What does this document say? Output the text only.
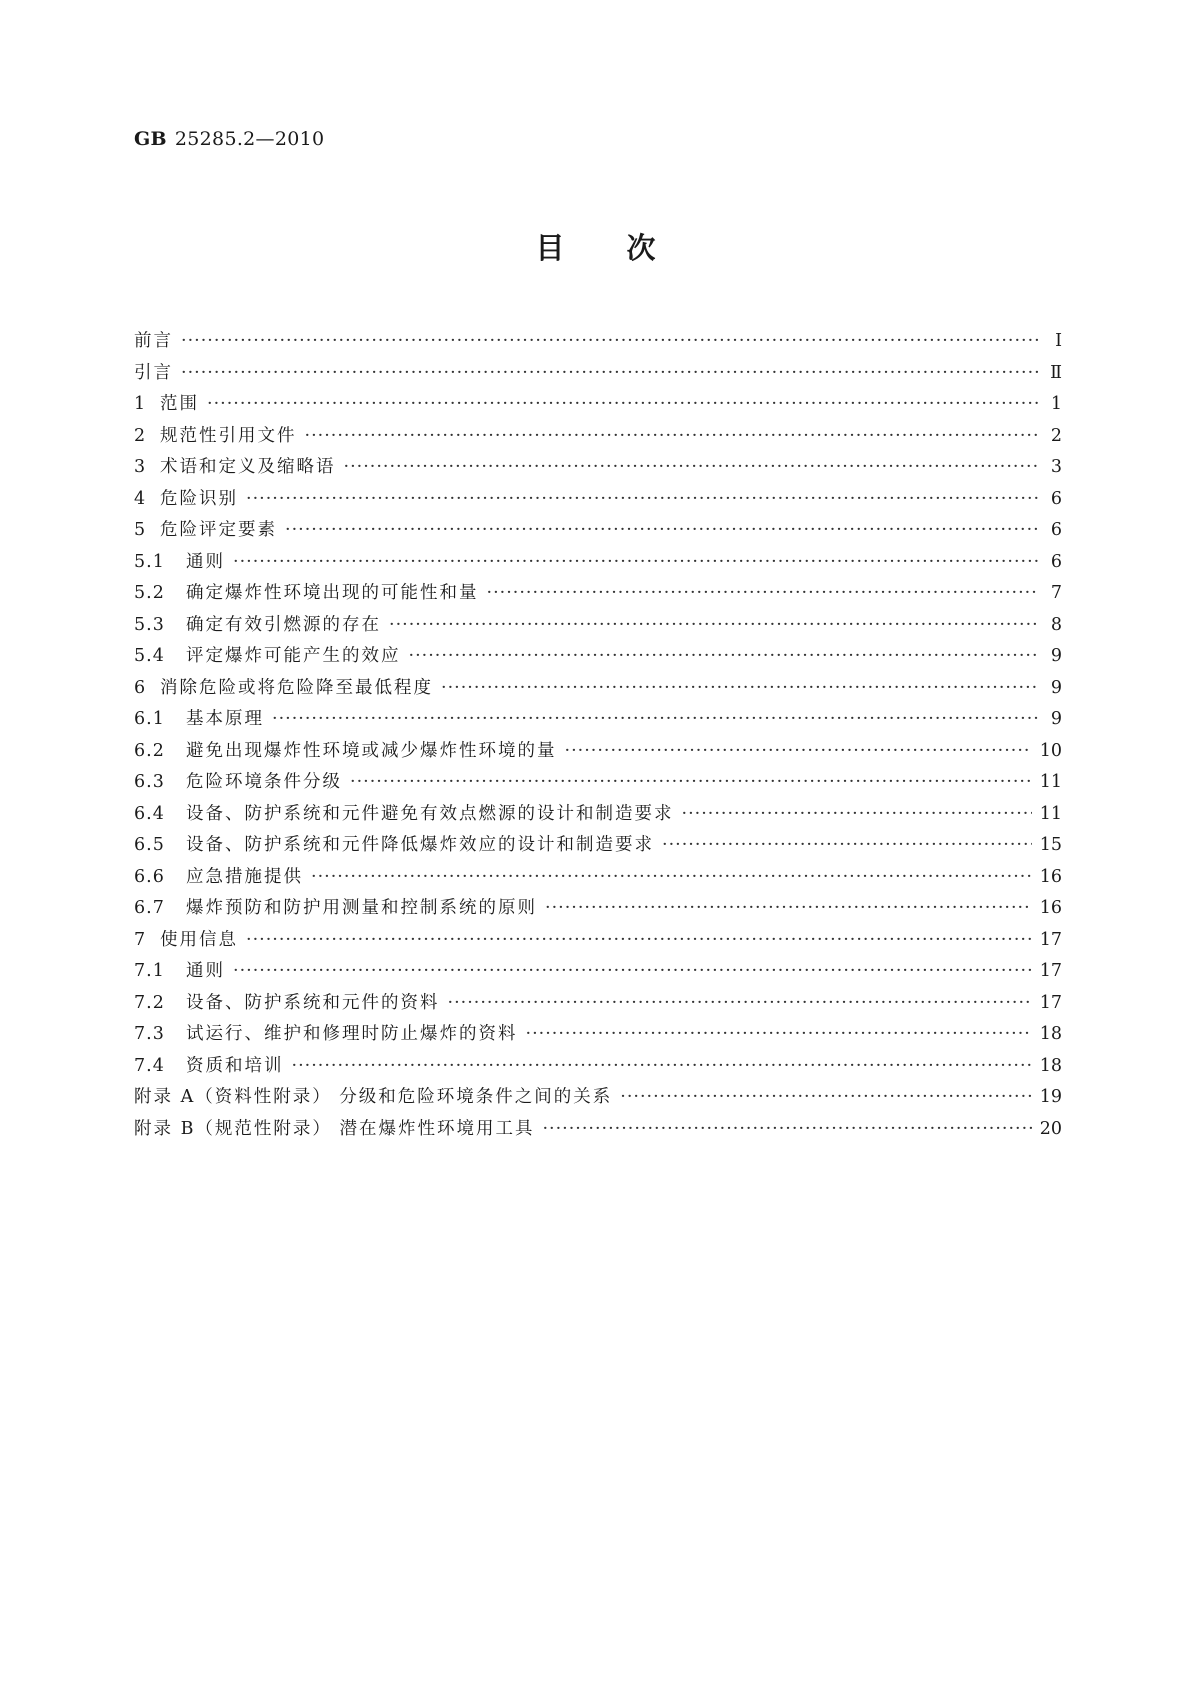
GB 25285.2—2010
目 次
前言 ·····	Ⅰ
引言 ·····	Ⅱ
1 范围 ·····	1
2 规范性引用文件 ·····	2
3 术语和定义及缩略语 ·····	3
4 危险识别 ·····	6
5 危险评定要素 ·····	6
5.1	通则 ·····	6
5.2	确定爆炸性环境出现的可能性和量 ·····	7
5.3	确定有效引燃源的存在 ·····	8
5.4	评定爆炸可能产生的效应 ·····	9
6 消除危险或将危险降至最低程度 ·····	9
6.1	基本原理 ·····	9
6.2	避免出现爆炸性环境或减少爆炸性环境的量 ·····	10
6.3	危险环境条件分级 ·····	11
6.4	设备、防护系统和元件避免有效点燃源的设计和制造要求 ·····	11
6.5	设备、防护系统和元件降低爆炸效应的设计和制造要求 ·····	15
6.6	应急措施提供 ·····	16
6.7	爆炸预防和防护用测量和控制系统的原则 ·····	16
7 使用信息 ·····	17
7.1	通则 ·····	17
7.2	设备、防护系统和元件的资料 ·····	17
7.3	试运行、维护和修理时防止爆炸的资料 ·····	18
7.4	资质和培训 ·····	18
附录 A（资料性附录） 分级和危险环境条件之间的关系 ·····	19
附录 B（规范性附录） 潜在爆炸性环境用工具 ·····	20
